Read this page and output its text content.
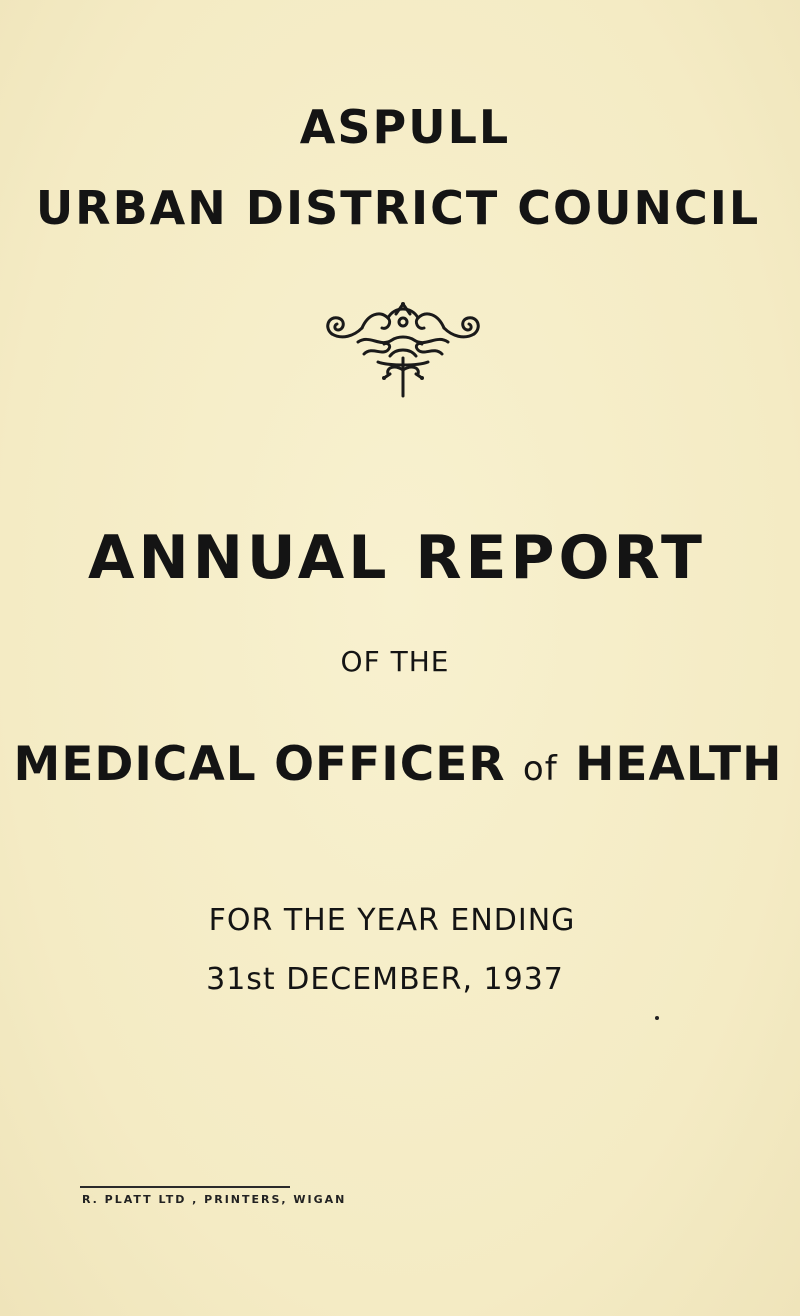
ASPULL
URBAN DISTRICT COUNCIL
ANNUAL REPORT
OF THE
MEDICAL OFFICER of HEALTH
FOR THE YEAR ENDING
31st DECEMBER, 1937
R. PLATT LTD , PRINTERS, WIGAN
